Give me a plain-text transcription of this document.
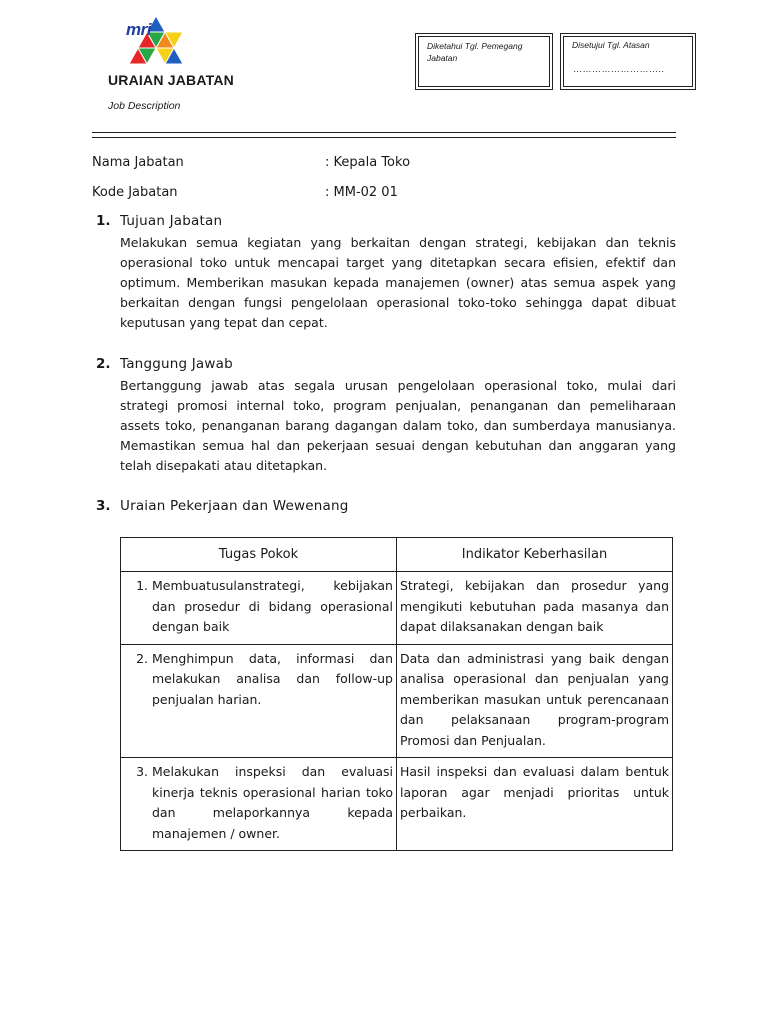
mri
URAIAN JABATAN
Job Description
Diketahui Tgl. Pemegang Jabatan
Disetujui Tgl. Atasan
………………………..
Nama Jabatan	: Kepala Toko
Kode Jabatan	: MM-02 01
1. Tujuan Jabatan
Melakukan semua kegiatan yang berkaitan dengan strategi, kebijakan dan teknis operasional toko untuk mencapai target yang ditetapkan secara efisien, efektif dan optimum. Memberikan masukan kepada manajemen (owner) atas semua aspek yang berkaitan dengan fungsi pengelolaan operasional toko-toko sehingga dapat dibuat keputusan yang tepat dan cepat.
2. Tanggung Jawab
Bertanggung jawab atas segala urusan pengelolaan operasional toko, mulai dari strategi promosi internal toko, program penjualan, penanganan dan pemeliharaan assets toko, penanganan barang dagangan dalam toko, dan sumberdaya manusianya. Memastikan semua hal dan pekerjaan sesuai dengan kebutuhan dan anggaran yang telah disepakati atau ditetapkan.
3. Uraian Pekerjaan dan Wewenang
Tugas Pokok	Indikator Keberhasilan

1. Membuatusulanstrategi, kebijakan dan prosedur di bidang operasional dengan baik	Strategi, kebijakan dan prosedur yang mengikuti kebutuhan pada masanya dan dapat dilaksanakan dengan baik

2. Menghimpun data, informasi dan melakukan analisa dan follow-up penjualan harian.	Data dan administrasi yang baik dengan analisa operasional dan penjualan yang memberikan masukan untuk perencanaan dan pelaksanaan program-program Promosi dan Penjualan.

3. Melakukan inspeksi dan evaluasi kinerja teknis operasional harian toko dan melaporkannya kepada manajemen / owner.	Hasil inspeksi dan evaluasi dalam bentuk laporan agar menjadi prioritas untuk perbaikan.
